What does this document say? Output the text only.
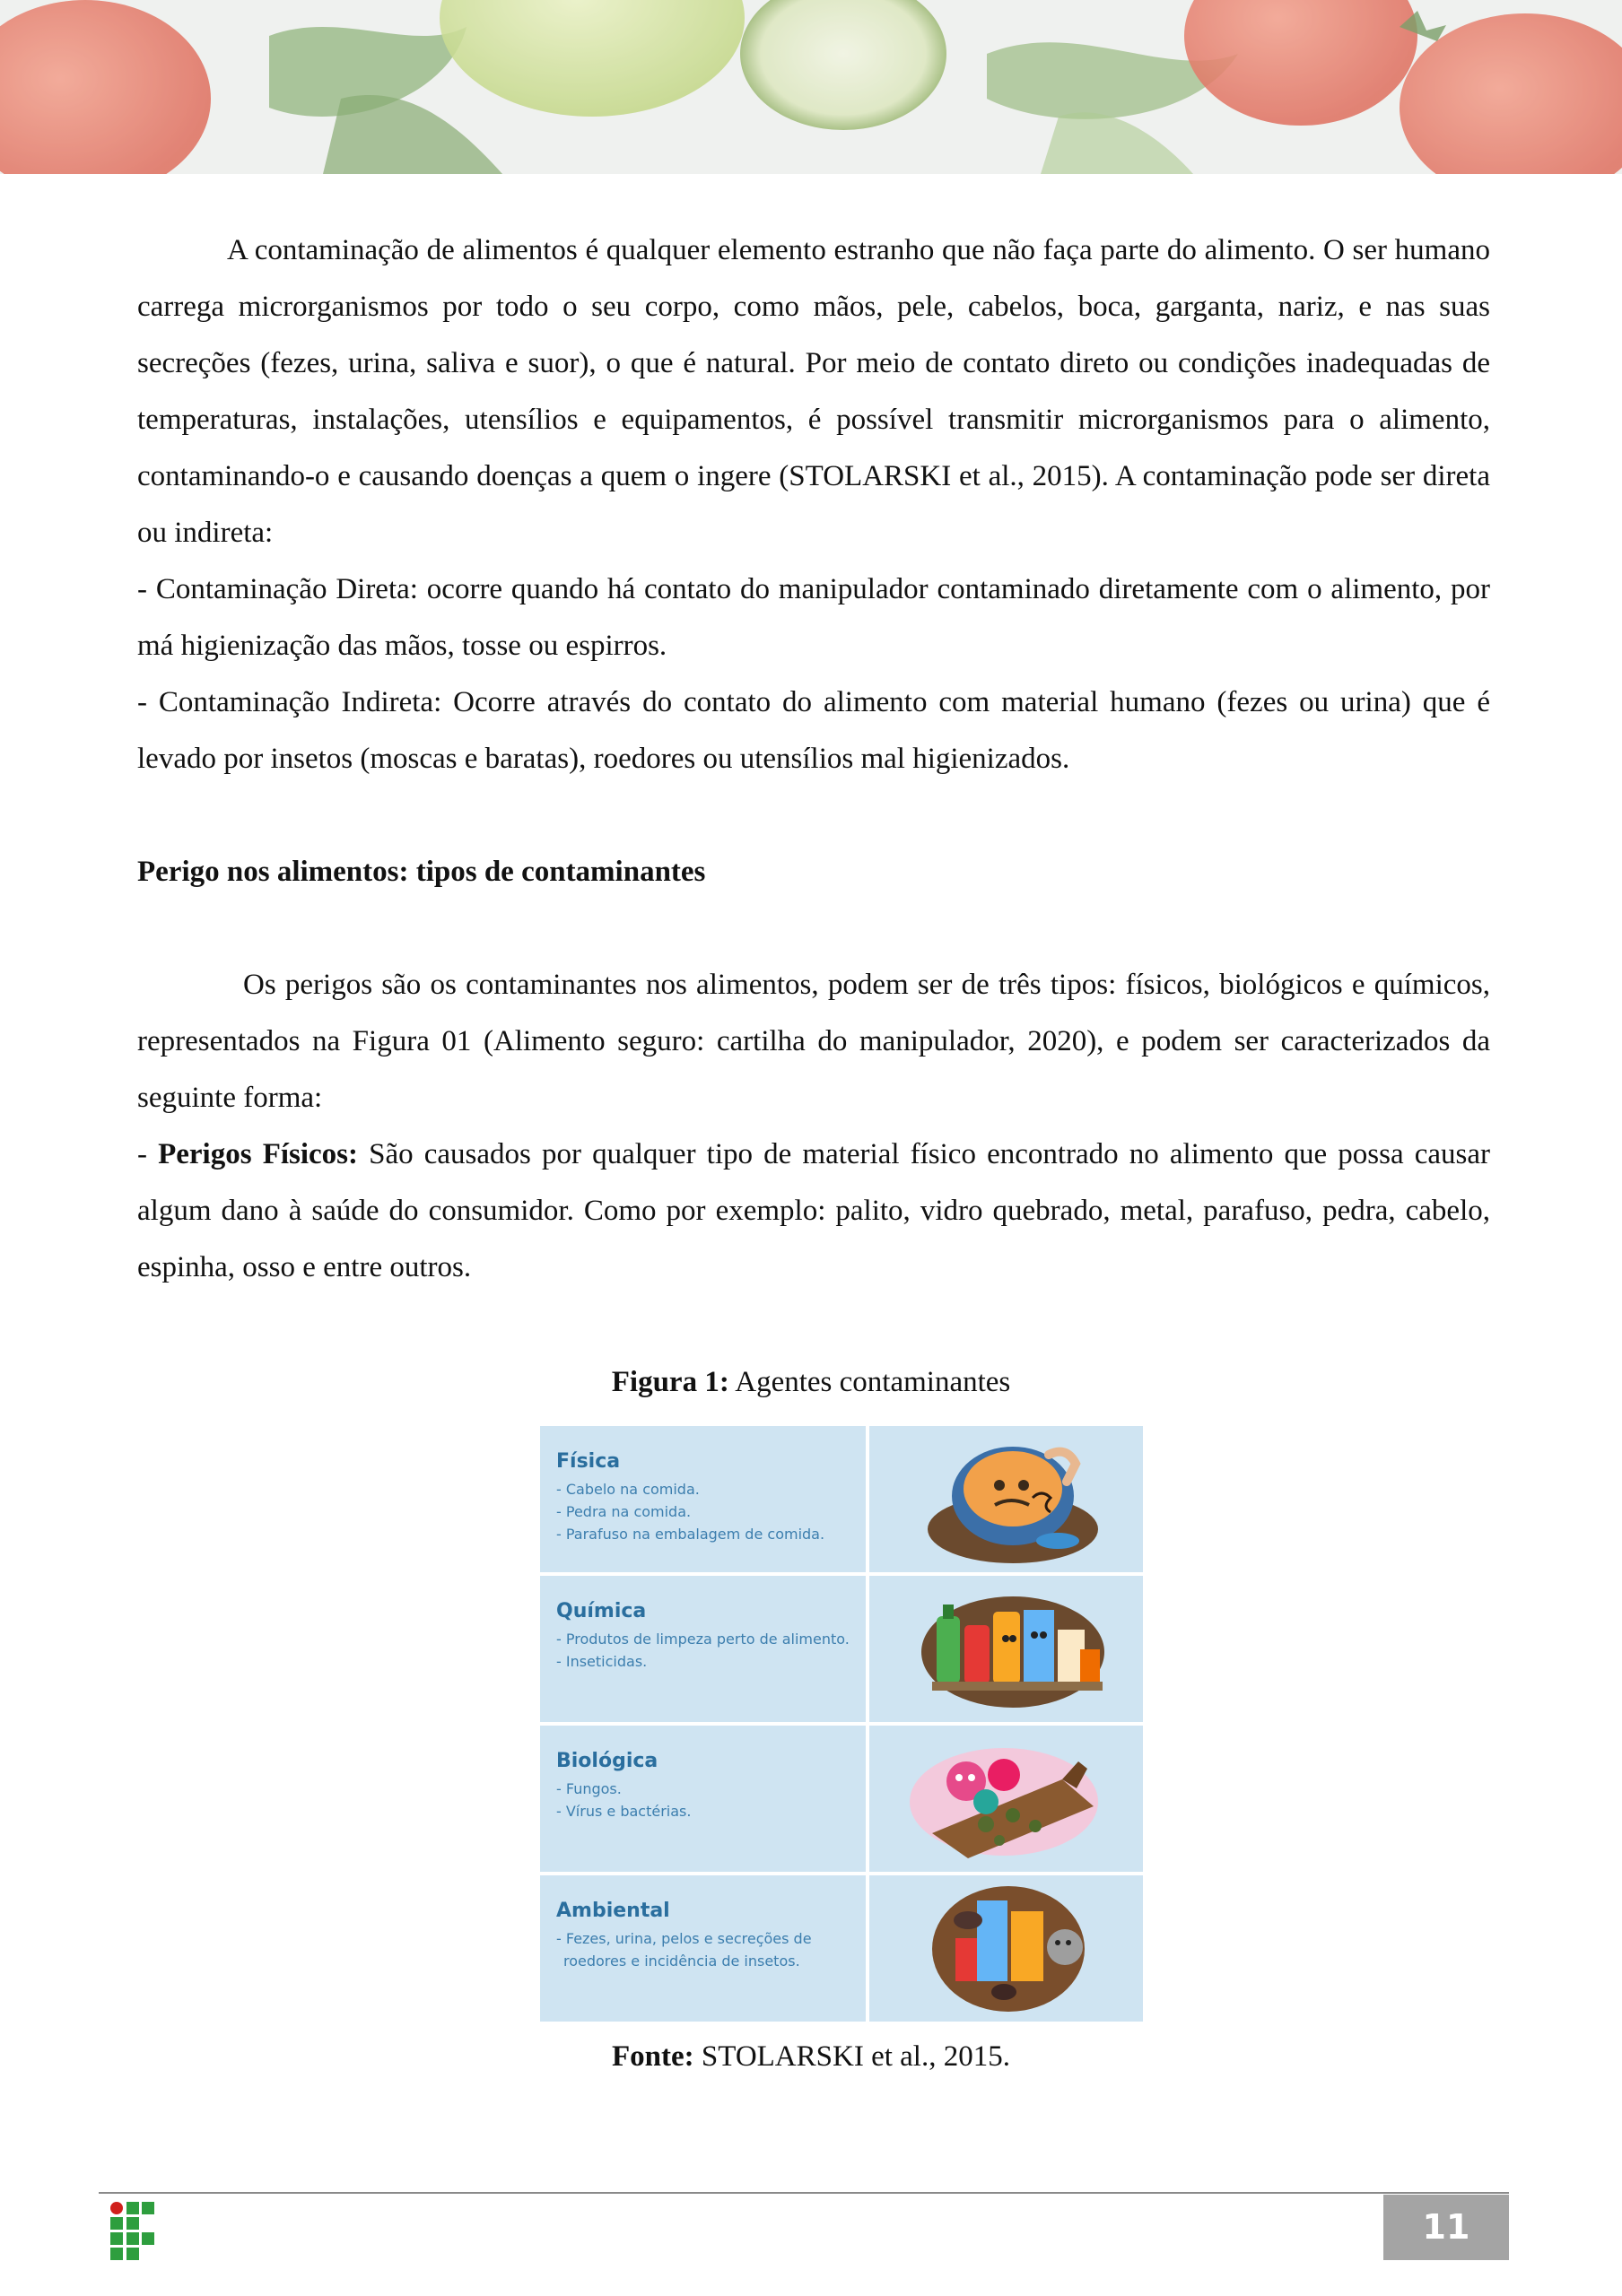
A contaminação de alimentos é qualquer elemento estranho que não faça parte do alimento. O ser humano carrega microrganismos por todo o seu corpo, como mãos, pele, cabelos, boca, garganta, nariz, e nas suas secreções (fezes, urina, saliva e suor), o que é natural. Por meio de contato direto ou condições inadequadas de temperaturas, instalações, utensílios e equipamentos, é possível transmitir microrganismos para o alimento, contaminando-o e causando doenças a quem o ingere (STOLARSKI et al., 2015). A contaminação pode ser direta ou indireta:

- Contaminação Direta: ocorre quando há contato do manipulador contaminado diretamente com o alimento, por má higienização das mãos, tosse ou espirros.

- Contaminação Indireta: Ocorre através do contato do alimento com material humano (fezes ou urina) que é levado por insetos (moscas e baratas), roedores ou utensílios mal higienizados.

Perigo nos alimentos: tipos de contaminantes

Os perigos são os contaminantes nos alimentos, podem ser de três tipos: físicos, biológicos e químicos, representados na Figura 01 (Alimento seguro: cartilha do manipulador, 2020), e podem ser caracterizados da seguinte forma:

- Perigos Físicos: São causados por qualquer tipo de material físico encontrado no alimento que possa causar algum dano à saúde do consumidor. Como por exemplo: palito, vidro quebrado, metal, parafuso, pedra, cabelo, espinha, osso e entre outros.

Figura 1: Agentes contaminantes
Física
- Cabelo na comida.
- Pedra na comida.
- Parafuso na embalagem de comida.
Química
- Produtos de limpeza perto de alimento.
- Inseticidas.
Biológica
- Fungos.
- Vírus e bactérias.
Ambiental
- Fezes, urina, pelos e secreções de
roedores e incidência de insetos.
Fonte: STOLARSKI et al., 2015.
11
